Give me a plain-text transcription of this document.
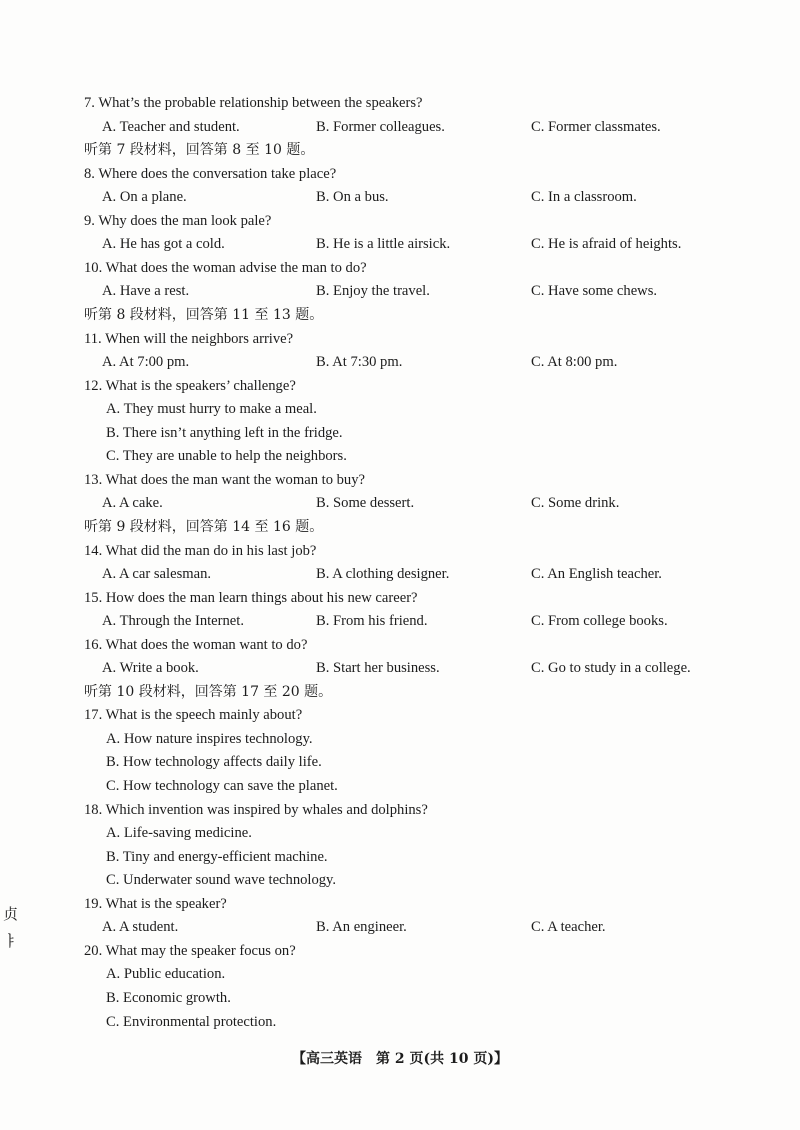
7. What’s the probable relationship between the speakers?
A. Teacher and student.	B. Former colleagues.	C. Former classmates.
听第 7 段材料，回答第 8 至 10 题。
8. Where does the conversation take place?
A. On a plane.	B. On a bus.	C. In a classroom.
9. Why does the man look pale?
A. He has got a cold.	B. He is a little airsick.	C. He is afraid of heights.
10. What does the woman advise the man to do?
A. Have a rest.	B. Enjoy the travel.	C. Have some chews.
听第 8 段材料，回答第 11 至 13 题。
11. When will the neighbors arrive?
A. At 7:00 pm.	B. At 7:30 pm.	C. At 8:00 pm.
12. What is the speakers’ challenge?
A. They must hurry to make a meal.
B. There isn’t anything left in the fridge.
C. They are unable to help the neighbors.
13. What does the man want the woman to buy?
A. A cake.	B. Some dessert.	C. Some drink.
听第 9 段材料，回答第 14 至 16 题。
14. What did the man do in his last job?
A. A car salesman.	B. A clothing designer.	C. An English teacher.
15. How does the man learn things about his new career?
A. Through the Internet.	B. From his friend.	C. From college books.
16. What does the woman want to do?
A. Write a book.	B. Start her business.	C. Go to study in a college.
听第 10 段材料，回答第 17 至 20 题。
17. What is the speech mainly about?
A. How nature inspires technology.
B. How technology affects daily life.
C. How technology can save the planet.
18. Which invention was inspired by whales and dolphins?
A. Life-saving medicine.
B. Tiny and energy-efficient machine.
C. Underwater sound wave technology.
19. What is the speaker?
A. A student.	B. An engineer.	C. A teacher.
20. What may the speaker focus on?
A. Public education.
B. Economic growth.
C. Environmental protection.
【高三英语　第 2 页(共 10 页)】
贞
ㅑ
